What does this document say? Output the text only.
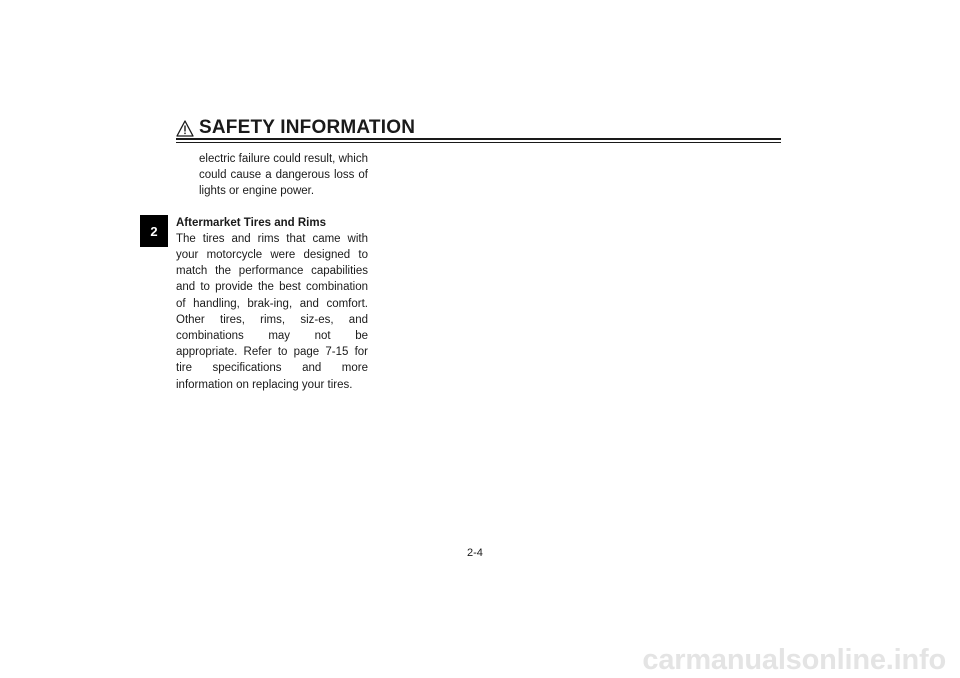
SAFETY INFORMATION
2
electric failure could result, which could cause a dangerous loss of lights or engine power.
Aftermarket Tires and Rims
The tires and rims that came with your motorcycle were designed to match the performance capabilities and to provide the best combination of handling, brak-ing, and comfort. Other tires, rims, siz-es, and combinations may not be appropriate. Refer to page 7-15 for tire specifications and more information on replacing your tires.
2-4
carmanualsonline.info
